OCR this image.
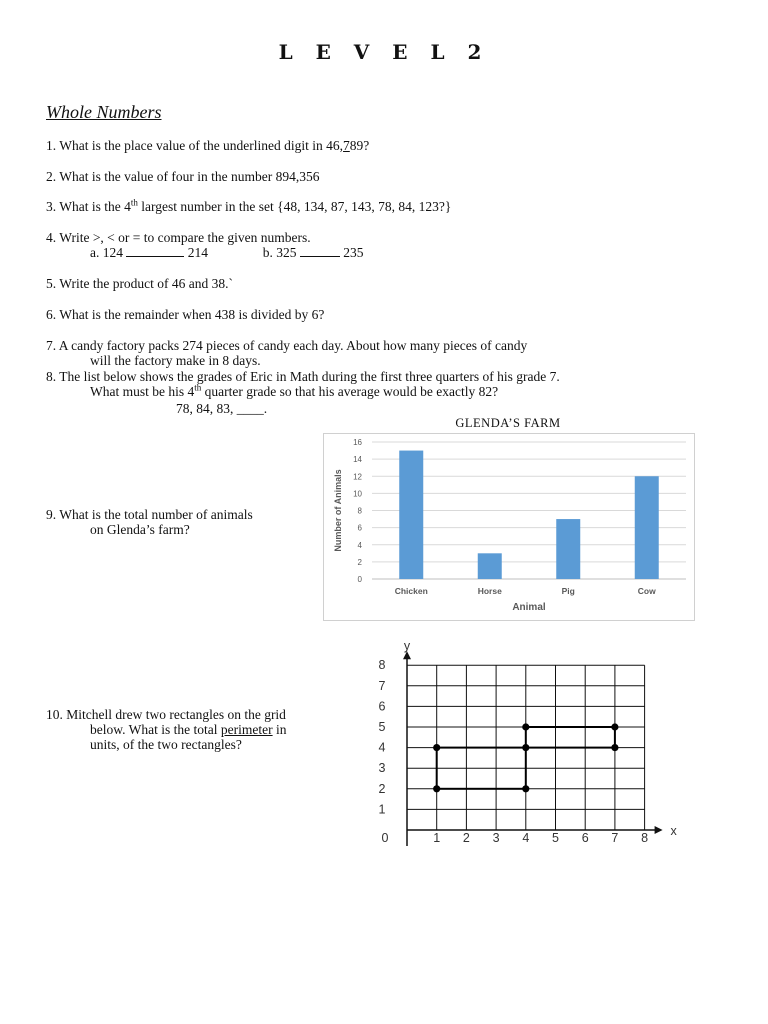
L E V E L 2
Whole Numbers
1. What is the place value of the underlined digit in 46,789?
2. What is the value of four in the number 894,356
3. What is the 4th largest number in the set {48, 134, 87, 143, 78, 84, 123?}
4. Write >, < or = to compare the given numbers.
a. 124	214	b. 325	235
5. Write the product of 46 and 38.`
6. What is the remainder when 438 is divided by 6?
7. A candy factory packs 274 pieces of candy each day. About how many pieces of candy
will the factory make in 8 days.
8. The list below shows the grades of Eric in Math during the first three quarters of his grade 7.
What must be his 4th quarter grade so that his average would be exactly 82?
78, 84, 83, ____.
GLENDA’S FARM
0
2
4
6
8
10
12
14
16
Chicken	Horse	Pig	Cow
Animal
Number of Animals
9. What is the total number of animals
on Glenda’s farm?
10. Mitchell drew two rectangles on the grid
below. What is the total perimeter in
units, of the two rectangles?
0	1 2 3 4 5 6 7 8
1
2
3
4
5
6
7
8
y
x
